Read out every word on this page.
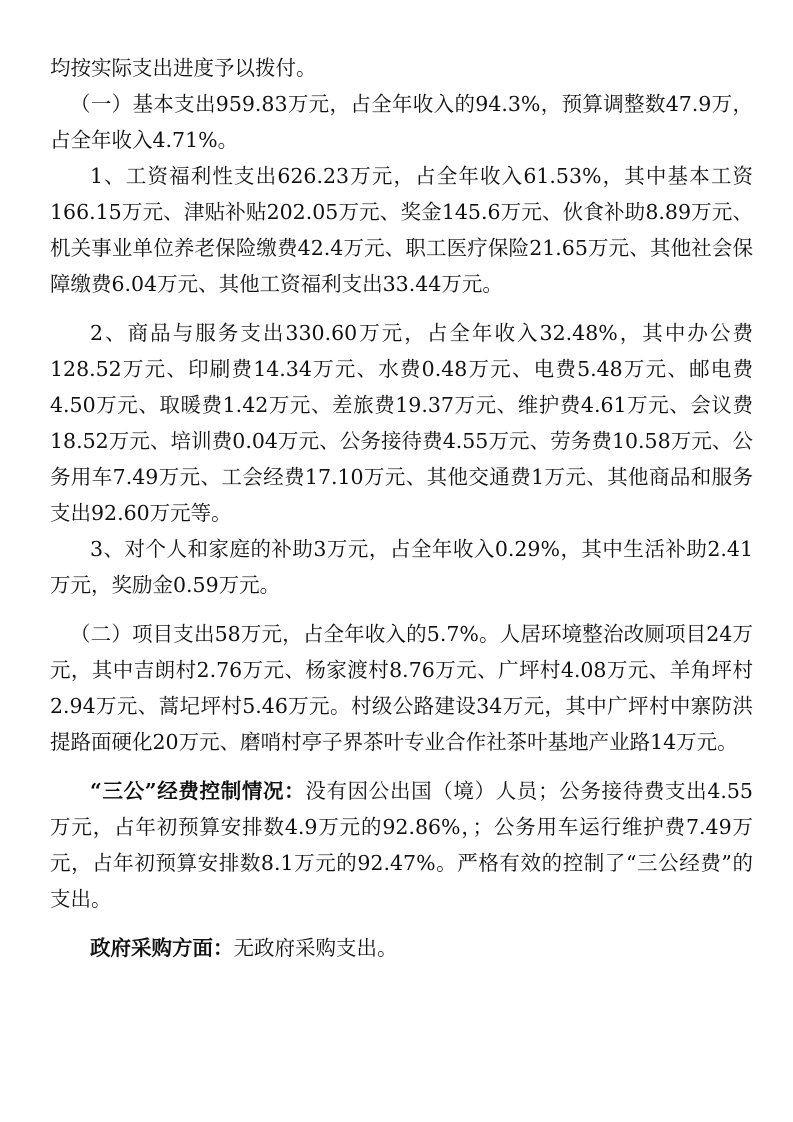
均按实际支出进度予以拨付。

（一）基本支出959.83万元，占全年收入的94.3%，预算调整数47.9万，占全年收入4.71%。

1、工资福利性支出626.23万元，占全年收入61.53%，其中基本工资166.15万元、津贴补贴202.05万元、奖金145.6万元、伙食补助8.89万元、机关事业单位养老保险缴费42.4万元、职工医疗保险21.65万元、其他社会保障缴费6.04万元、其他工资福利支出33.44万元。

2、商品与服务支出330.60万元，占全年收入32.48%，其中办公费128.52万元、印刷费14.34万元、水费0.48万元、电费5.48万元、邮电费4.50万元、取暖费1.42万元、差旅费19.37万元、维护费4.61万元、会议费18.52万元、培训费0.04万元、公务接待费4.55万元、劳务费10.58万元、公务用车7.49万元、工会经费17.10万元、其他交通费1万元、其他商品和服务支出92.60万元等。

3、对个人和家庭的补助3万元，占全年收入0.29%，其中生活补助2.41万元，奖励金0.59万元。

（二）项目支出58万元，占全年收入的5.7%。人居环境整治改厕项目24万元，其中吉朗村2.76万元、杨家渡村8.76万元、广坪村4.08万元、羊角坪村2.94万元、蒿圮坪村5.46万元。村级公路建设34万元，其中广坪村中寨防洪提路面硬化20万元、磨哨村亭子界茶叶专业合作社茶叶基地产业路14万元。

“三公”经费控制情况：没有因公出国（境）人员；公务接待费支出4.55万元，占年初预算安排数4.9万元的92.86%，；公务用车运行维护费7.49万元，占年初预算安排数8.1万元的92.47%。严格有效的控制了“三公经费”的支出。

政府采购方面：无政府采购支出。
